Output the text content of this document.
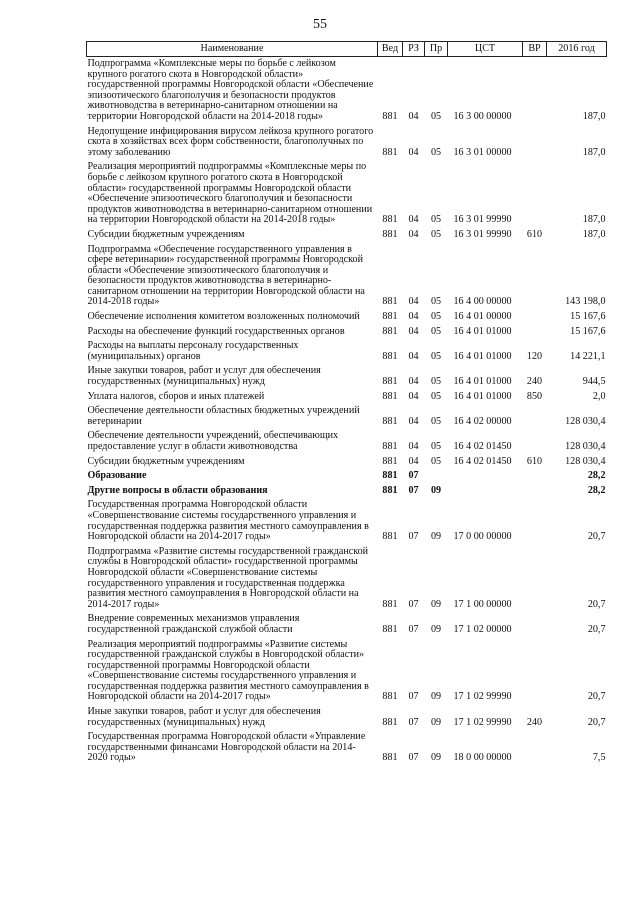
55
Наименование	Вед	РЗ	Пр	ЦСТ	ВР	2016 год
Подпрограмма «Комплексные меры по борьбе с лейкозом крупного рогатого скота в Новгородской области» государственной программы Новгородской области «Обеспечение эпизоотического благополучия и безопасности продуктов животноводства в ветеринарно-санитарном отношении на территории Новгородской области на 2014-2018 годы»	881	04	05	16 3 00 00000		187,0
Недопущение инфицирования вирусом лейкоза крупного рогатого скота в хозяйствах всех форм собственности, благополучных по этому заболеванию	881	04	05	16 3 01 00000		187,0
Реализация мероприятий подпрограммы «Комплексные меры по борьбе с лейкозом крупного рогатого скота в Новгородской области» государственной программы Новгородской области «Обеспечение эпизоотического благополучия и безопасности продуктов животноводства в ветеринарно-санитарном отношении на территории Новгородской области на 2014-2018 годы»	881	04	05	16 3 01 99990		187,0
Субсидии бюджетным учреждениям	881	04	05	16 3 01 99990	610	187,0
Подпрограмма «Обеспечение государственного управления в сфере ветеринарии» государственной программы Новгородской области «Обеспечение эпизоотического благополучия и безопасности продуктов животноводства в ветеринарно-санитарном отношении на территории Новгородской области на 2014-2018 годы»	881	04	05	16 4 00 00000		143 198,0
Обеспечение исполнения комитетом возложенных полномочий	881	04	05	16 4 01 00000		15 167,6
Расходы на обеспечение функций государственных органов	881	04	05	16 4 01 01000		15 167,6
Расходы на выплаты персоналу государственных (муниципальных) органов	881	04	05	16 4 01 01000	120	14 221,1
Иные закупки товаров, работ и услуг для обеспечения государственных (муниципальных) нужд	881	04	05	16 4 01 01000	240	944,5
Уплата налогов, сборов и иных платежей	881	04	05	16 4 01 01000	850	2,0
Обеспечение деятельности областных бюджетных учреждений ветеринарии	881	04	05	16 4 02 00000		128 030,4
Обеспечение деятельности учреждений, обеспечивающих предоставление услуг в области животноводства	881	04	05	16 4 02 01450		128 030,4
Субсидии бюджетным учреждениям	881	04	05	16 4 02 01450	610	128 030,4
Образование	881	07				28,2
Другие вопросы в области образования	881	07	09			28,2
Государственная программа Новгородской области «Совершенствование системы государственного управления и государственная поддержка развития местного самоуправления в Новгородской области на 2014-2017 годы»	881	07	09	17 0 00 00000		20,7
Подпрограмма «Развитие системы государственной гражданской службы в Новгородской области» государственной программы Новгородской области «Совершенствование системы государственного управления и государственная поддержка развития местного самоуправления в Новгородской области на 2014-2017 годы»	881	07	09	17 1 00 00000		20,7
Внедрение современных механизмов управления государственной гражданской службой области	881	07	09	17 1 02 00000		20,7
Реализация мероприятий подпрограммы «Развитие системы государственной гражданской службы в Новгородской области» государственной программы Новгородской области «Совершенствование системы государственного управления и государственная поддержка развития местного самоуправления в Новгородской области на 2014-2017 годы»	881	07	09	17 1 02 99990		20,7
Иные закупки товаров, работ и услуг для обеспечения государственных (муниципальных) нужд	881	07	09	17 1 02 99990	240	20,7
Государственная программа Новгородской области «Управление государственными финансами Новгородской области на 2014-2020 годы»	881	07	09	18 0 00 00000		7,5
